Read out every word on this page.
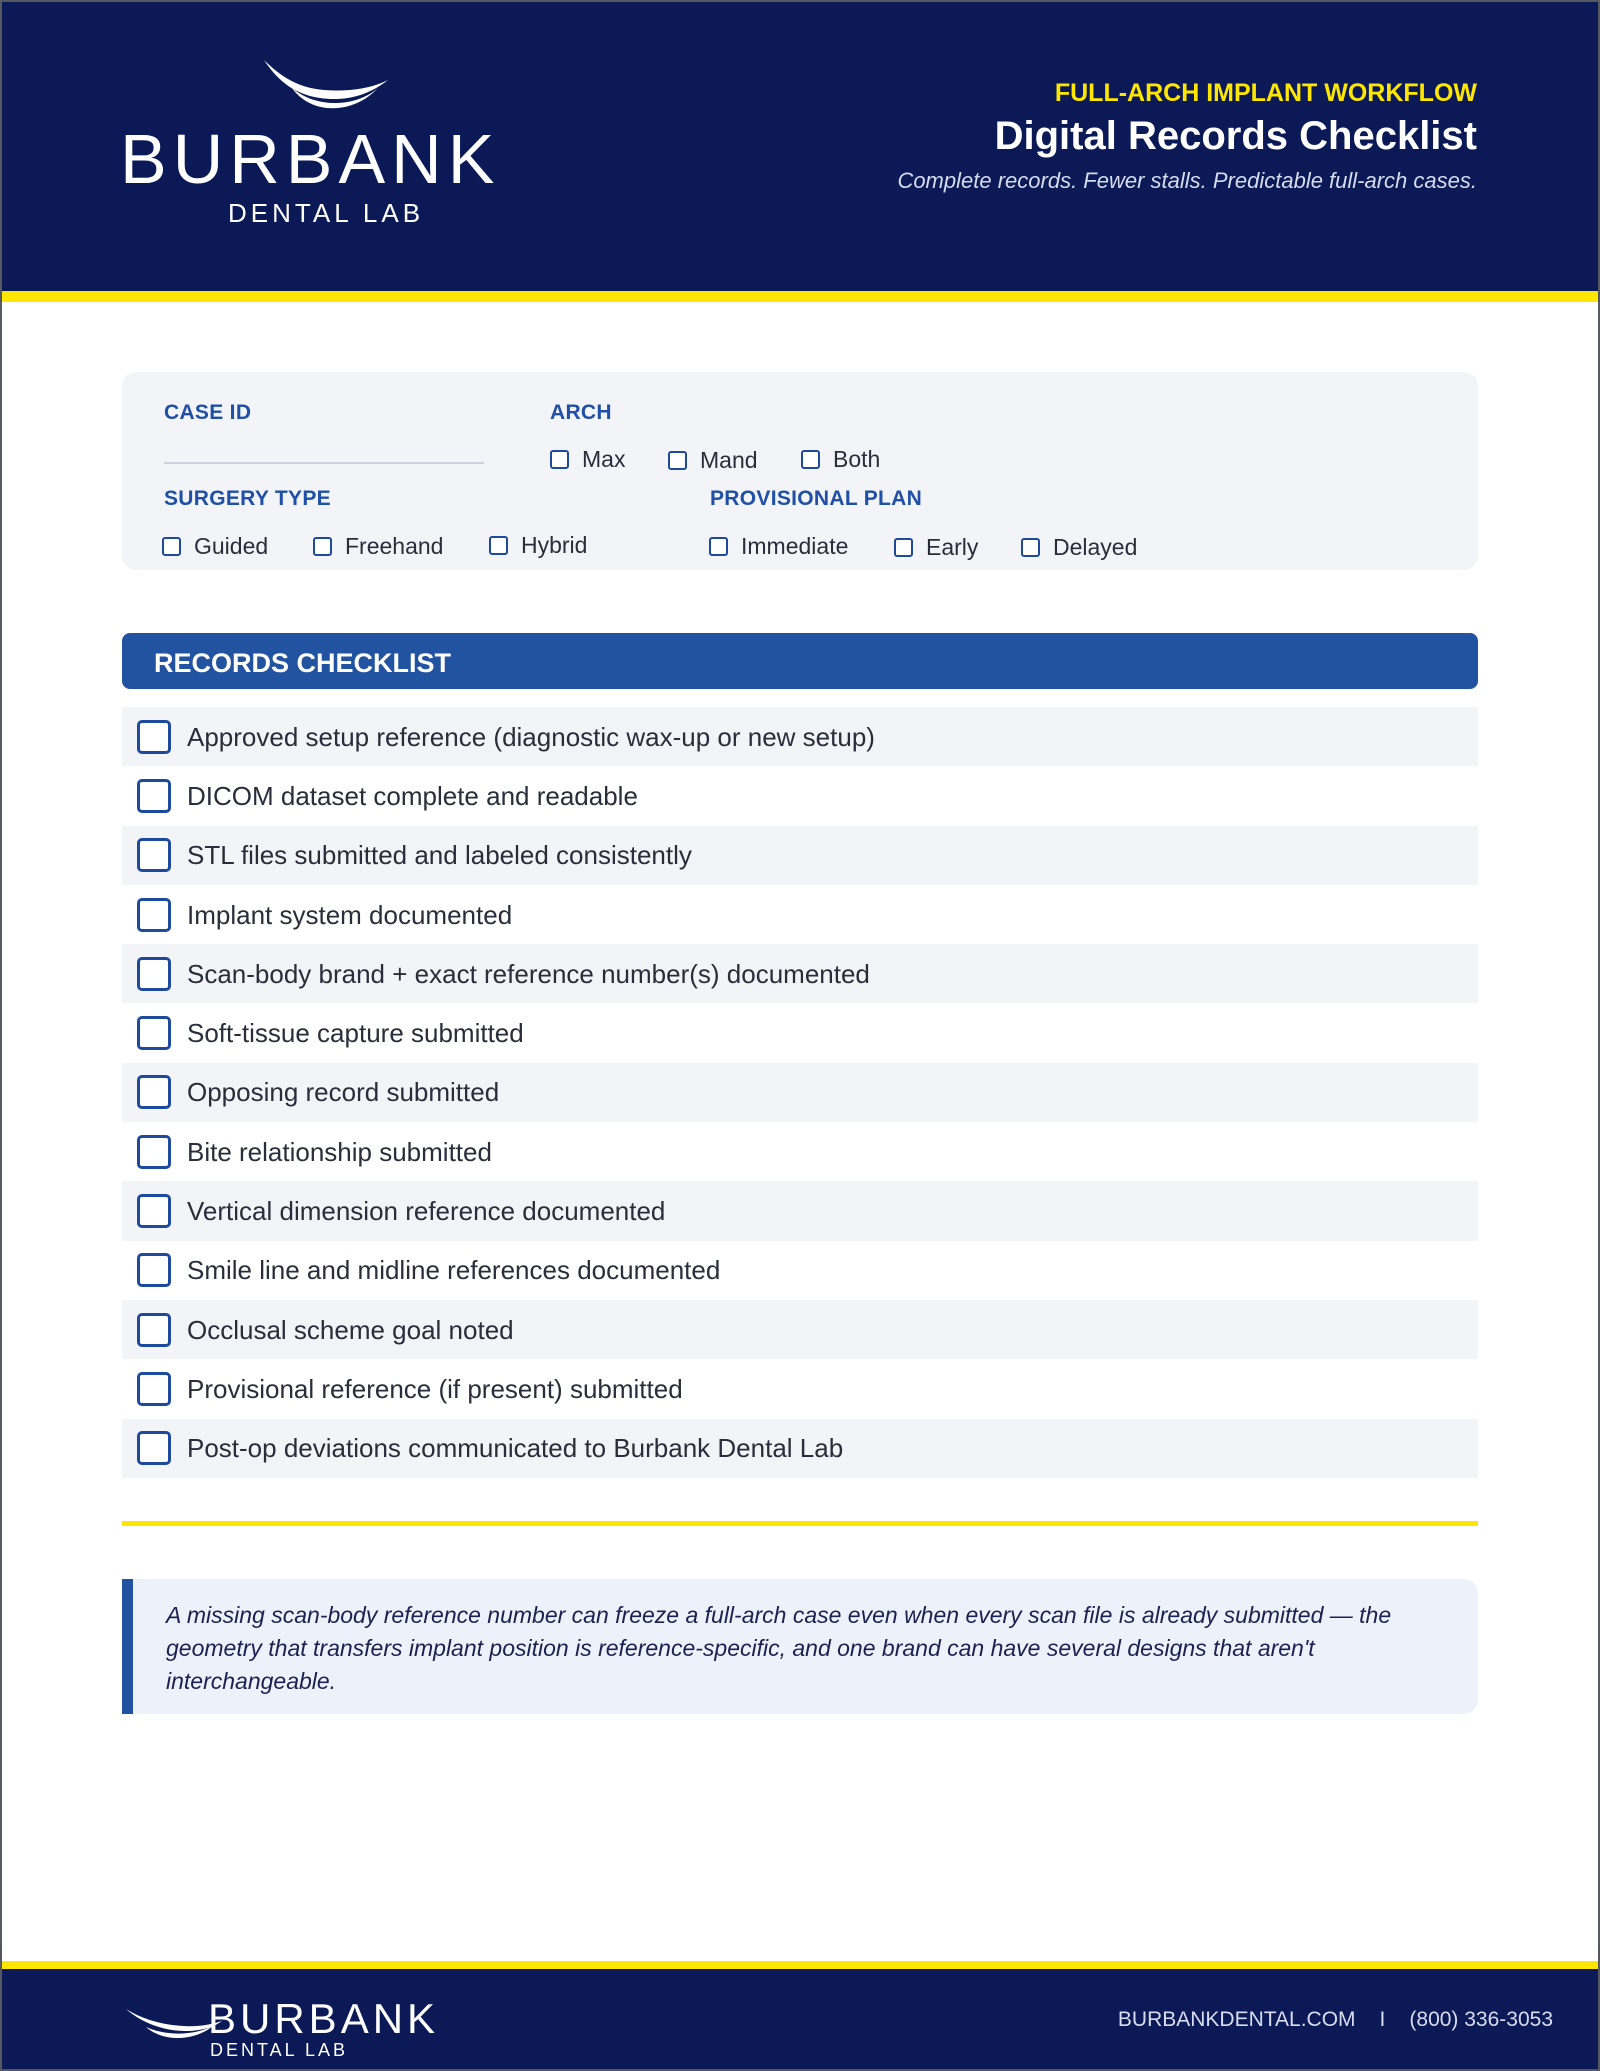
BURBANK
DENTAL LAB
FULL-ARCH IMPLANT WORKFLOW
Digital Records Checklist
Complete records. Fewer stalls. Predictable full-arch cases.
CASE ID	ARCH
Max	Mand	Both
SURGERY TYPE
Guided	Freehand	Hybrid
PROVISIONAL PLAN
Immediate	Early	Delayed
RECORDS CHECKLIST
Approved setup reference (diagnostic wax-up or new setup)
DICOM dataset complete and readable
STL files submitted and labeled consistently
Implant system documented
Scan-body brand + exact reference number(s) documented
Soft-tissue capture submitted
Opposing record submitted
Bite relationship submitted
Vertical dimension reference documented
Smile line and midline references documented
Occlusal scheme goal noted
Provisional reference (if present) submitted
Post-op deviations communicated to Burbank Dental Lab
A missing scan-body reference number can freeze a full-arch case even when every scan file is already submitted — the geometry that transfers implant position is reference-specific, and one brand can have several designs that aren't interchangeable.
BURBANK
DENTAL LAB
BURBANKDENTAL.COM I (800) 336-3053
